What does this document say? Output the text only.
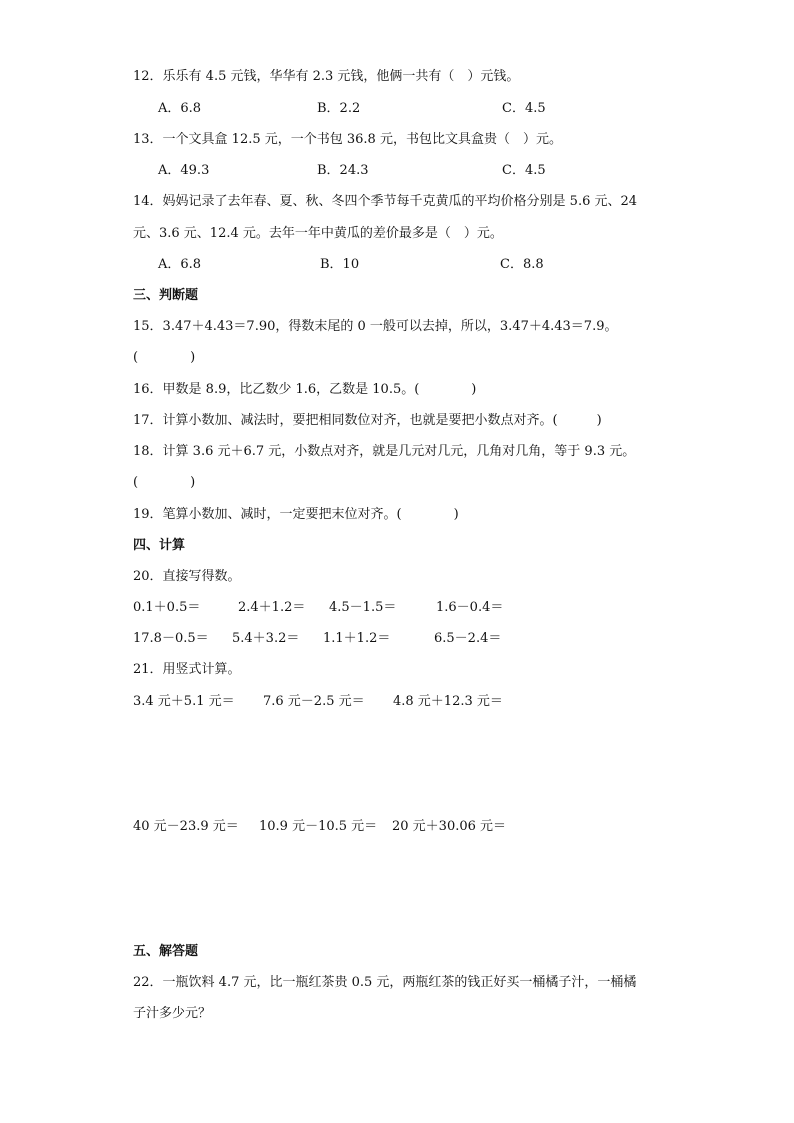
12．乐乐有 4.5 元钱，华华有 2.3 元钱，他俩一共有（　）元钱。
A．6.8	B．2.2	C．4.5
13．一个文具盒 12.5 元，一个书包 36.8 元，书包比文具盒贵（　）元。
A．49.3	B．24.3	C．4.5
14．妈妈记录了去年春、夏、秋、冬四个季节每千克黄瓜的平均价格分别是 5.6 元、24
元、3.6 元、12.4 元。去年一年中黄瓜的差价最多是（　）元。
A．6.8	B．10	C．8.8
三、判断题
15．3.47＋4.43＝7.90，得数末尾的 0 一般可以去掉，所以，3.47＋4.43＝7.9。
(　　　　)
16．甲数是 8.9，比乙数少 1.6，乙数是 10.5。(　　　　)
17．计算小数加、减法时，要把相同数位对齐，也就是要把小数点对齐。(　　　)
18．计算 3.6 元＋6.7 元，小数点对齐，就是几元对几元，几角对几角，等于 9.3 元。
(　　　　)
19．笔算小数加、减时，一定要把末位对齐。(　　　　)
四、计算
20．直接写得数。
0.1＋0.5＝	2.4＋1.2＝ 4.5－1.5＝	1.6－0.4＝
17.8－0.5＝ 5.4＋3.2＝ 1.1＋1.2＝	6.5－2.4＝
21．用竖式计算。
3.4 元＋5.1 元＝ 7.6 元－2.5 元＝ 4.8 元＋12.3 元＝
40 元－23.9 元＝ 10.9 元－10.5 元＝ 20 元＋30.06 元＝
五、解答题
22．一瓶饮料 4.7 元，比一瓶红茶贵 0.5 元，两瓶红茶的钱正好买一桶橘子汁，一桶橘
子汁多少元？
